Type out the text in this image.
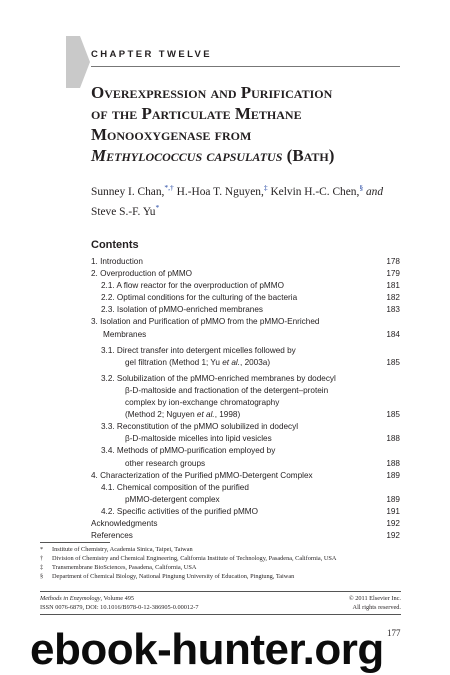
CHAPTER TWELVE
Overexpression and Purification
of the Particulate Methane
Monooxygenase from
Methylococcus capsulatus (Bath)
Sunney I. Chan,*,† H.-Hoa T. Nguyen,‡ Kelvin H.-C. Chen,§ and
Steve S.-F. Yu*
Contents
1. Introduction	178
2. Overproduction of pMMO	179
2.1. A flow reactor for the overproduction of pMMO	181
2.2. Optimal conditions for the culturing of the bacteria	182
2.3. Isolation of pMMO-enriched membranes	183
3. Isolation and Purification of pMMO from the pMMO-Enriched
Membranes	184
3.1. Direct transfer into detergent micelles followed by
gel filtration (Method 1; Yu et al., 2003a)	185
3.2. Solubilization of the pMMO-enriched membranes by dodecyl
β-D-maltoside and fractionation of the detergent–protein
complex by ion-exchange chromatography
(Method 2; Nguyen et al., 1998)	185
3.3. Reconstitution of the pMMO solubilized in dodecyl
β-D-maltoside micelles into lipid vesicles	188
3.4. Methods of pMMO-purification employed by
other research groups	188
4. Characterization of the Purified pMMO-Detergent Complex	189
4.1. Chemical composition of the purified
pMMO-detergent complex	189
4.2. Specific activities of the purified pMMO	191
Acknowledgments	192
References	192
*	Institute of Chemistry, Academia Sinica, Taipei, Taiwan
†	Division of Chemistry and Chemical Engineering, California Institute of Technology, Pasadena, California, USA
‡	Transmembrane BioSciences, Pasadena, California, USA
§	Department of Chemical Biology, National Pingtung University of Education, Pingtung, Taiwan
Methods in Enzymology, Volume 495	© 2011 Elsevier Inc.
ISSN 0076-6879, DOI: 10.1016/B978-0-12-386905-0.00012-7	All rights reserved.
177
ebook-hunter.org
